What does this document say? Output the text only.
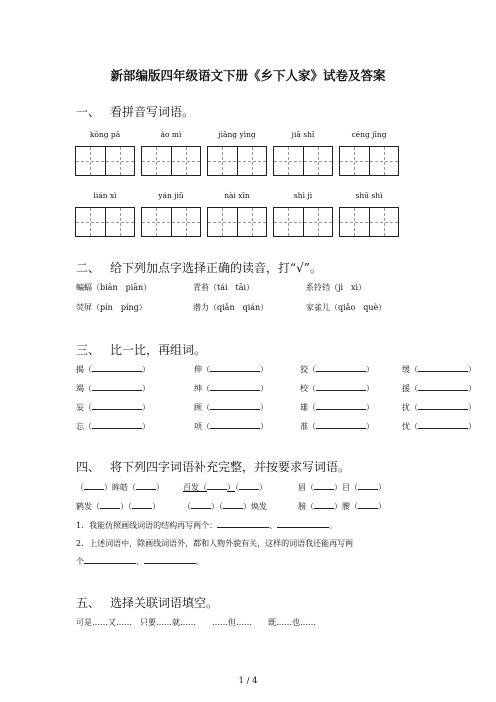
新部编版四年级语文下册《乡下人家》试卷及答案
一、 看拼音写词语。
kōng pā	ào mì	jiāng yìng	jiā shǐ	céng jīng
lián xì	yán jiū	nài xīn	shì jì	shū shì
二、 给下列加点字选择正确的读音，打“√”。
蝙蝠（biān　piān）	青苔（tái　tāi）	系铃铛（jì　xì）
荧屏（pín　píng）	潜力（qiǎn　qián）	家雀儿（qiǎo　què）
三、 比一比，再组词。
揭（	）	伸（	）	狡（	）	缓（	）
竭（	）	绅（	）	校（	）	援（	）
妄（	）	顾（	）	雄（	）	扰（	）
忘（	）	项（	）	准（	）	忧（	）
四、 将下列四字词语补充完整，并按要求写词语。
（	）眸皓（	） 百发（	）（	）	眉（	）目（	）
鹤发（	）（	）	（	）（	）焕发	膀（	）腰（	）
1．我能仿照画线词语的结构再写两个：	、	。
2．上述词语中，除画线词语外，都和人物外貌有关，这样的词语我还能再写两
个	、	。
五、 选择关联词语填空。
可是……又……　只要……就……　　……但……　　既……也……
1 / 4
